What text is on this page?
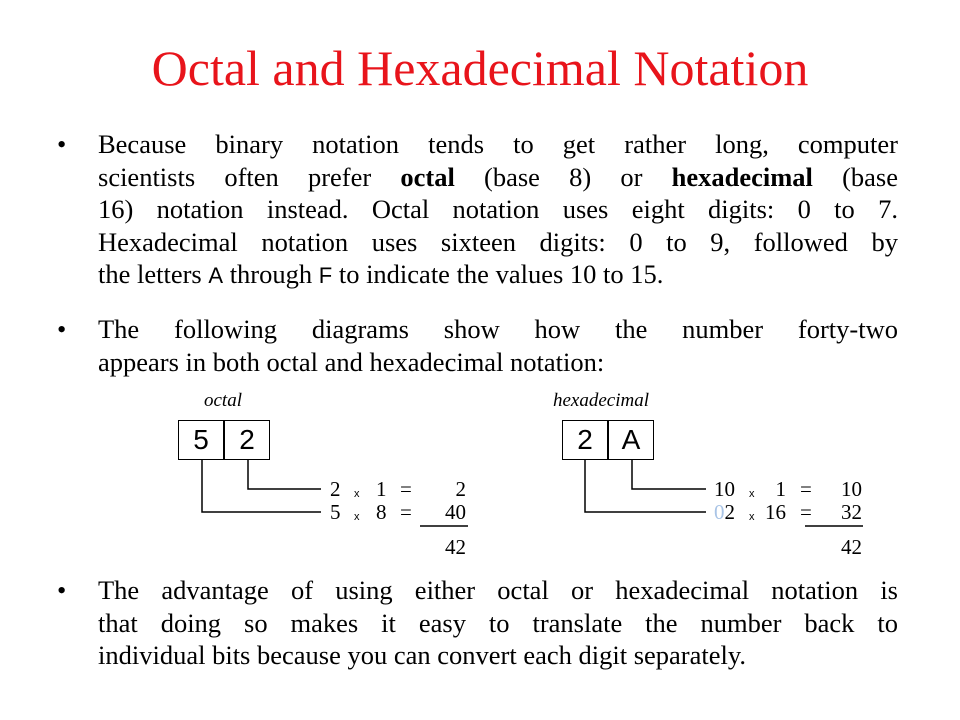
Octal and Hexadecimal Notation
• Because binary notation tends to get rather long, computer
scientists often prefer octal (base 8) or hexadecimal (base
16) notation instead. Octal notation uses eight digits: 0 to 7.
Hexadecimal notation uses sixteen digits: 0 to 9, followed by
the letters A through F to indicate the values 10 to 15.
• The following diagrams show how the number forty-two
appears in both octal and hexadecimal notation:
octal
5	2
2 x 1 =	2
5 x 8 =	40
42
hexadecimal
2	A
10 x	1 =	10
02 x 16 =	32
42
• The advantage of using either octal or hexadecimal notation is
that doing so makes it easy to translate the number back to
individual bits because you can convert each digit separately.
